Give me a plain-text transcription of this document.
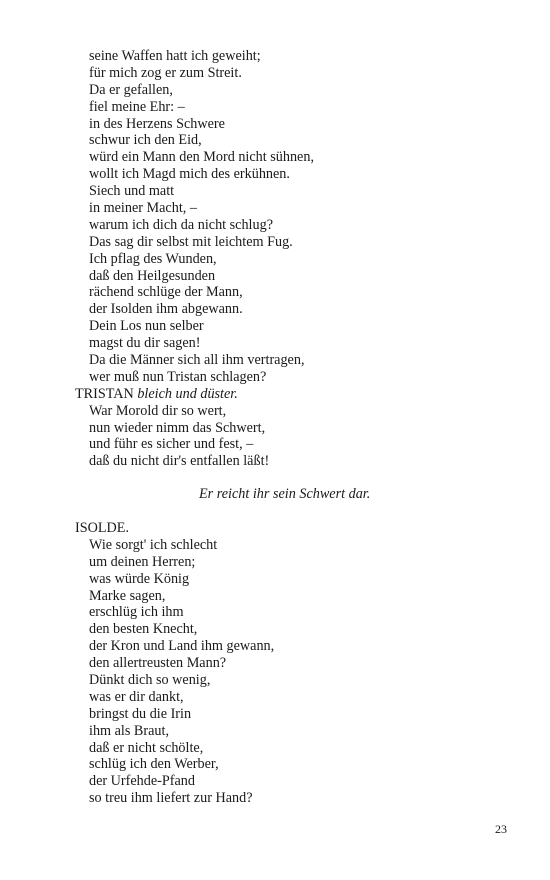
seine Waffen hatt ich geweiht;
für mich zog er zum Streit.
Da er gefallen,
fiel meine Ehr: –
in des Herzens Schwere
schwur ich den Eid,
würd ein Mann den Mord nicht sühnen,
wollt ich Magd mich des erkühnen.
Siech und matt
in meiner Macht, –
warum ich dich da nicht schlug?
Das sag dir selbst mit leichtem Fug.
Ich pflag des Wunden,
daß den Heilgesunden
rächend schlüge der Mann,
der Isolden ihm abgewann.
Dein Los nun selber
magst du dir sagen!
Da die Männer sich all ihm vertragen,
wer muß nun Tristan schlagen?
TRISTAN bleich und düster.
War Morold dir so wert,
nun wieder nimm das Schwert,
und führ es sicher und fest, –
daß du nicht dir's entfallen läßt!
Er reicht ihr sein Schwert dar.
ISOLDE.
Wie sorgt' ich schlecht
um deinen Herren;
was würde König
Marke sagen,
erschlüg ich ihm
den besten Knecht,
der Kron und Land ihm gewann,
den allertreusten Mann?
Dünkt dich so wenig,
was er dir dankt,
bringst du die Irin
ihm als Braut,
daß er nicht schölte,
schlüg ich den Werber,
der Urfehde-Pfand
so treu ihm liefert zur Hand?
23
